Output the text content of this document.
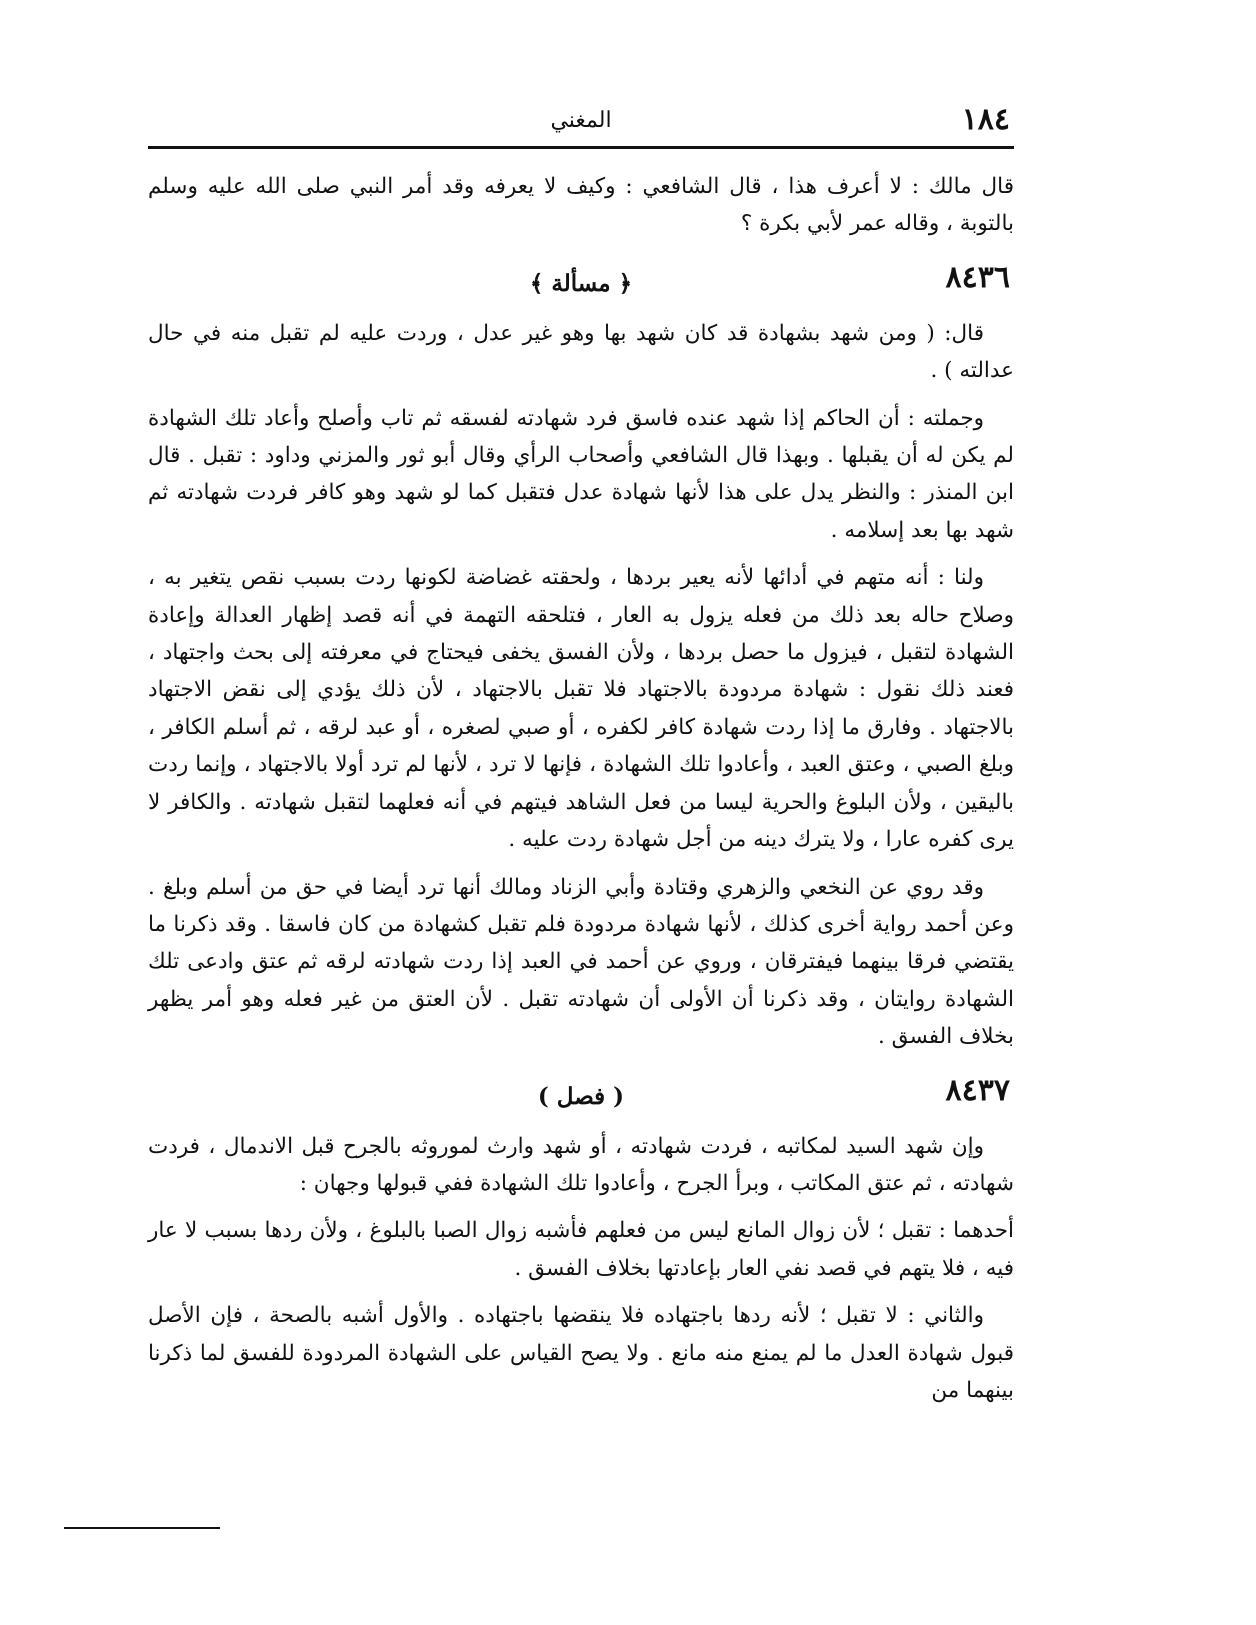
١٨٤
المغني

قال مالك : لا أعرف هذا ، قال الشافعي : وكيف لا يعرفه وقد أمر النبي صلى الله عليه وسلم بالتوبة ، وقاله عمر لأبي بكرة ؟

٨٤٣٦
﴿ مسألة ﴾

قال: ( ومن شهد بشهادة قد كان شهد بها وهو غير عدل ، وردت عليه لم تقبل منه في حال عدالته ) .

وجملته : أن الحاكم إذا شهد عنده فاسق فرد شهادته لفسقه ثم تاب وأصلح وأعاد تلك الشهادة لم يكن له أن يقبلها . وبهذا قال الشافعي وأصحاب الرأي وقال أبو ثور والمزني وداود : تقبل . قال ابن المنذر : والنظر يدل على هذا لأنها شهادة عدل فتقبل كما لو شهد وهو كافر فردت شهادته ثم شهد بها بعد إسلامه .

ولنا : أنه متهم في أدائها لأنه يعير بردها ، ولحقته غضاضة لكونها ردت بسبب نقص يتغير به ، وصلاح حاله بعد ذلك من فعله يزول به العار ، فتلحقه التهمة في أنه قصد إظهار العدالة وإعادة الشهادة لتقبل ، فيزول ما حصل بردها ، ولأن الفسق يخفى فيحتاج في معرفته إلى بحث واجتهاد ، فعند ذلك نقول : شهادة مردودة بالاجتهاد فلا تقبل بالاجتهاد ، لأن ذلك يؤدي إلى نقض الاجتهاد بالاجتهاد . وفارق ما إذا ردت شهادة كافر لكفره ، أو صبي لصغره ، أو عبد لرقه ، ثم أسلم الكافر ، وبلغ الصبي ، وعتق العبد ، وأعادوا تلك الشهادة ، فإنها لا ترد ، لأنها لم ترد أولا بالاجتهاد ، وإنما ردت باليقين ، ولأن البلوغ والحرية ليسا من فعل الشاهد فيتهم في أنه فعلهما لتقبل شهادته . والكافر لا يرى كفره عارا ، ولا يترك دينه من أجل شهادة ردت عليه .

وقد روي عن النخعي والزهري وقتادة وأبي الزناد ومالك أنها ترد أيضا في حق من أسلم وبلغ . وعن أحمد رواية أخرى كذلك ، لأنها شهادة مردودة فلم تقبل كشهادة من كان فاسقا . وقد ذكرنا ما يقتضي فرقا بينهما فيفترقان ، وروي عن أحمد في العبد إذا ردت شهادته لرقه ثم عتق وادعى تلك الشهادة روايتان ، وقد ذكرنا أن الأولى أن شهادته تقبل . لأن العتق من غير فعله وهو أمر يظهر بخلاف الفسق .

٨٤٣٧
( فصل )

وإن شهد السيد لمكاتبه ، فردت شهادته ، أو شهد وارث لموروثه بالجرح قبل الاندمال ، فردت شهادته ، ثم عتق المكاتب ، وبرأ الجرح ، وأعادوا تلك الشهادة ففي قبولها وجهان :

أحدهما : تقبل ؛ لأن زوال المانع ليس من فعلهم فأشبه زوال الصبا بالبلوغ ، ولأن ردها بسبب لا عار فيه ، فلا يتهم في قصد نفي العار بإعادتها بخلاف الفسق .

والثاني : لا تقبل ؛ لأنه ردها باجتهاده فلا ينقضها باجتهاده . والأول أشبه بالصحة ، فإن الأصل قبول شهادة العدل ما لم يمنع منه مانع . ولا يصح القياس على الشهادة المردودة للفسق لما ذكرنا بينهما من
